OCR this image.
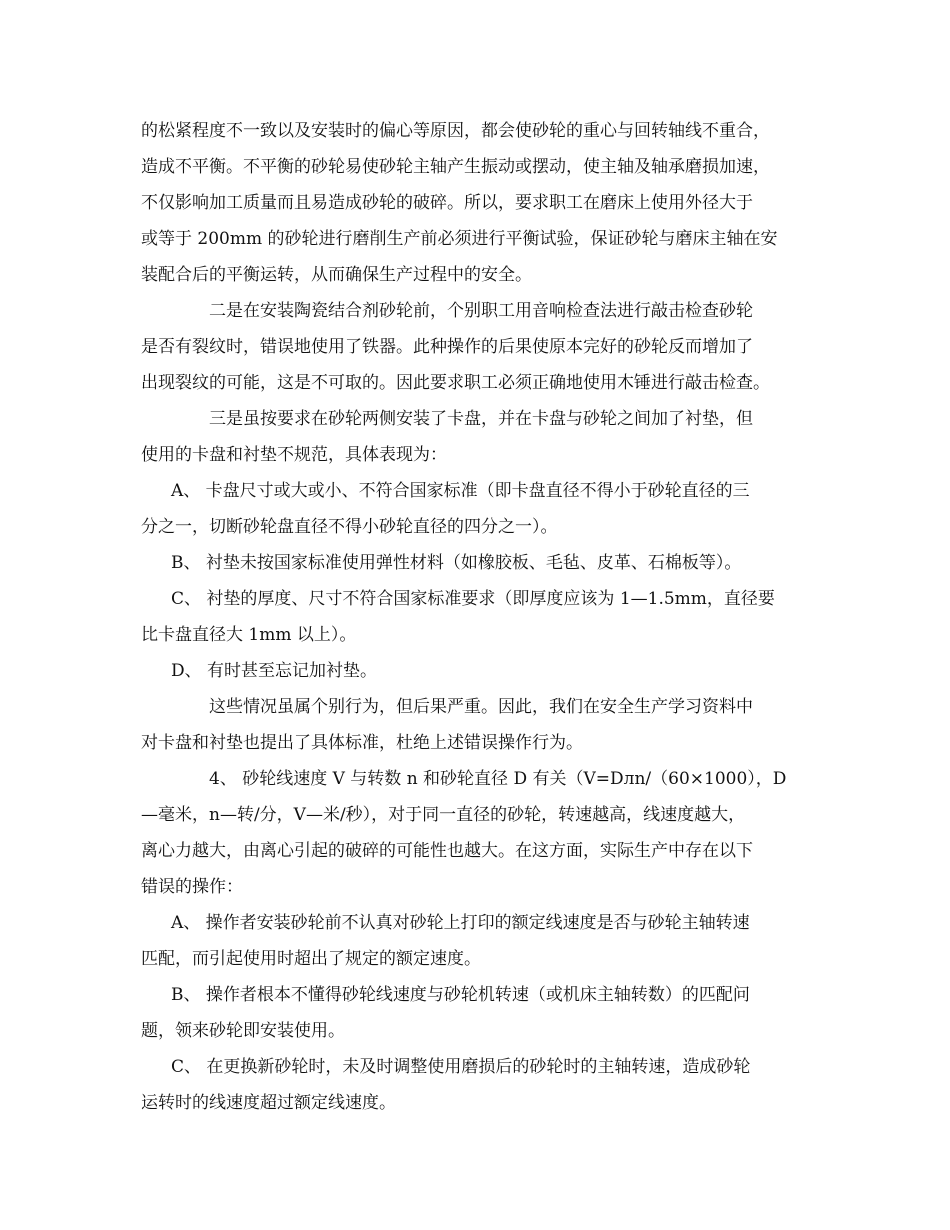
的松紧程度不一致以及安装时的偏心等原因，都会使砂轮的重心与回转轴线不重合，
造成不平衡。不平衡的砂轮易使砂轮主轴产生振动或摆动，使主轴及轴承磨损加速，
不仅影响加工质量而且易造成砂轮的破碎。所以，要求职工在磨床上使用外径大于
或等于 200mm 的砂轮进行磨削生产前必须进行平衡试验，保证砂轮与磨床主轴在安
装配合后的平衡运转，从而确保生产过程中的安全。
二是在安装陶瓷结合剂砂轮前，个别职工用音响检查法进行敲击检查砂轮
是否有裂纹时，错误地使用了铁器。此种操作的后果使原本完好的砂轮反而增加了
出现裂纹的可能，这是不可取的。因此要求职工必须正确地使用木锤进行敲击检查。
三是虽按要求在砂轮两侧安装了卡盘，并在卡盘与砂轮之间加了衬垫，但
使用的卡盘和衬垫不规范，具体表现为：
A、 卡盘尺寸或大或小、不符合国家标准（即卡盘直径不得小于砂轮直径的三
分之一，切断砂轮盘直径不得小砂轮直径的四分之一）。
B、 衬垫未按国家标准使用弹性材料（如橡胶板、毛毡、皮革、石棉板等）。
C、 衬垫的厚度、尺寸不符合国家标准要求（即厚度应该为 1—1.5mm，直径要
比卡盘直径大 1mm 以上）。
D、 有时甚至忘记加衬垫。
这些情况虽属个别行为，但后果严重。因此，我们在安全生产学习资料中
对卡盘和衬垫也提出了具体标准，杜绝上述错误操作行为。
4、 砂轮线速度 V 与转数 n 和砂轮直径 D 有关（V=Dлn/（60×1000），D
—毫米，n—转/分，V—米/秒），对于同一直径的砂轮，转速越高，线速度越大，
离心力越大，由离心引起的破碎的可能性也越大。在这方面，实际生产中存在以下
错误的操作：
A、 操作者安装砂轮前不认真对砂轮上打印的额定线速度是否与砂轮主轴转速
匹配，而引起使用时超出了规定的额定速度。
B、 操作者根本不懂得砂轮线速度与砂轮机转速（或机床主轴转数）的匹配问
题，领来砂轮即安装使用。
C、 在更换新砂轮时，未及时调整使用磨损后的砂轮时的主轴转速，造成砂轮
运转时的线速度超过额定线速度。
